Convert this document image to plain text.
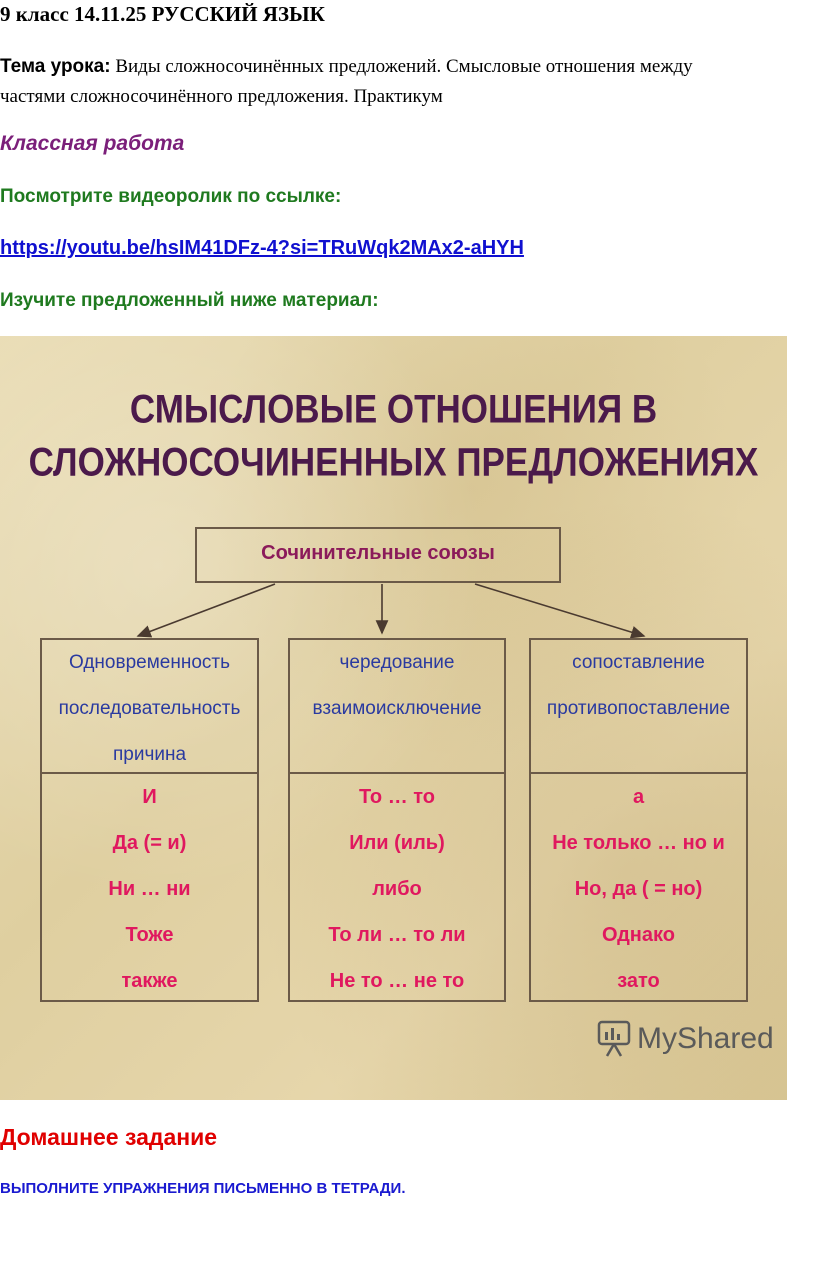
9 класс 14.11.25 РУССКИЙ ЯЗЫК
Тема урока: Виды сложносочинённых предложений. Смысловые отношения между
частями сложносочинённого предложения. Практикум
Классная работа
Посмотрите видеоролик по ссылке:
https://youtu.be/hsIM41DFz-4?si=TRuWqk2MAx2-aHYH
Изучите предложенный ниже материал:
СМЫСЛОВЫЕ ОТНОШЕНИЯ В
СЛОЖНОСОЧИНЕННЫХ ПРЕДЛОЖЕНИЯХ
Сочинительные союзы
Одновременность
последовательность
причина
И
Да (= и)
Ни … ни
Тоже
также
чередование
взаимоисключение
То … то
Или (иль)
либо
То ли … то ли
Не то … не то
сопоставление
противопоставление
а
Не только … но и
Но, да ( = но)
Однако
зато
MyShared
Домашнее задание
ВЫПОЛНИТЕ УПРАЖНЕНИЯ ПИСЬМЕННО В ТЕТРАДИ.
